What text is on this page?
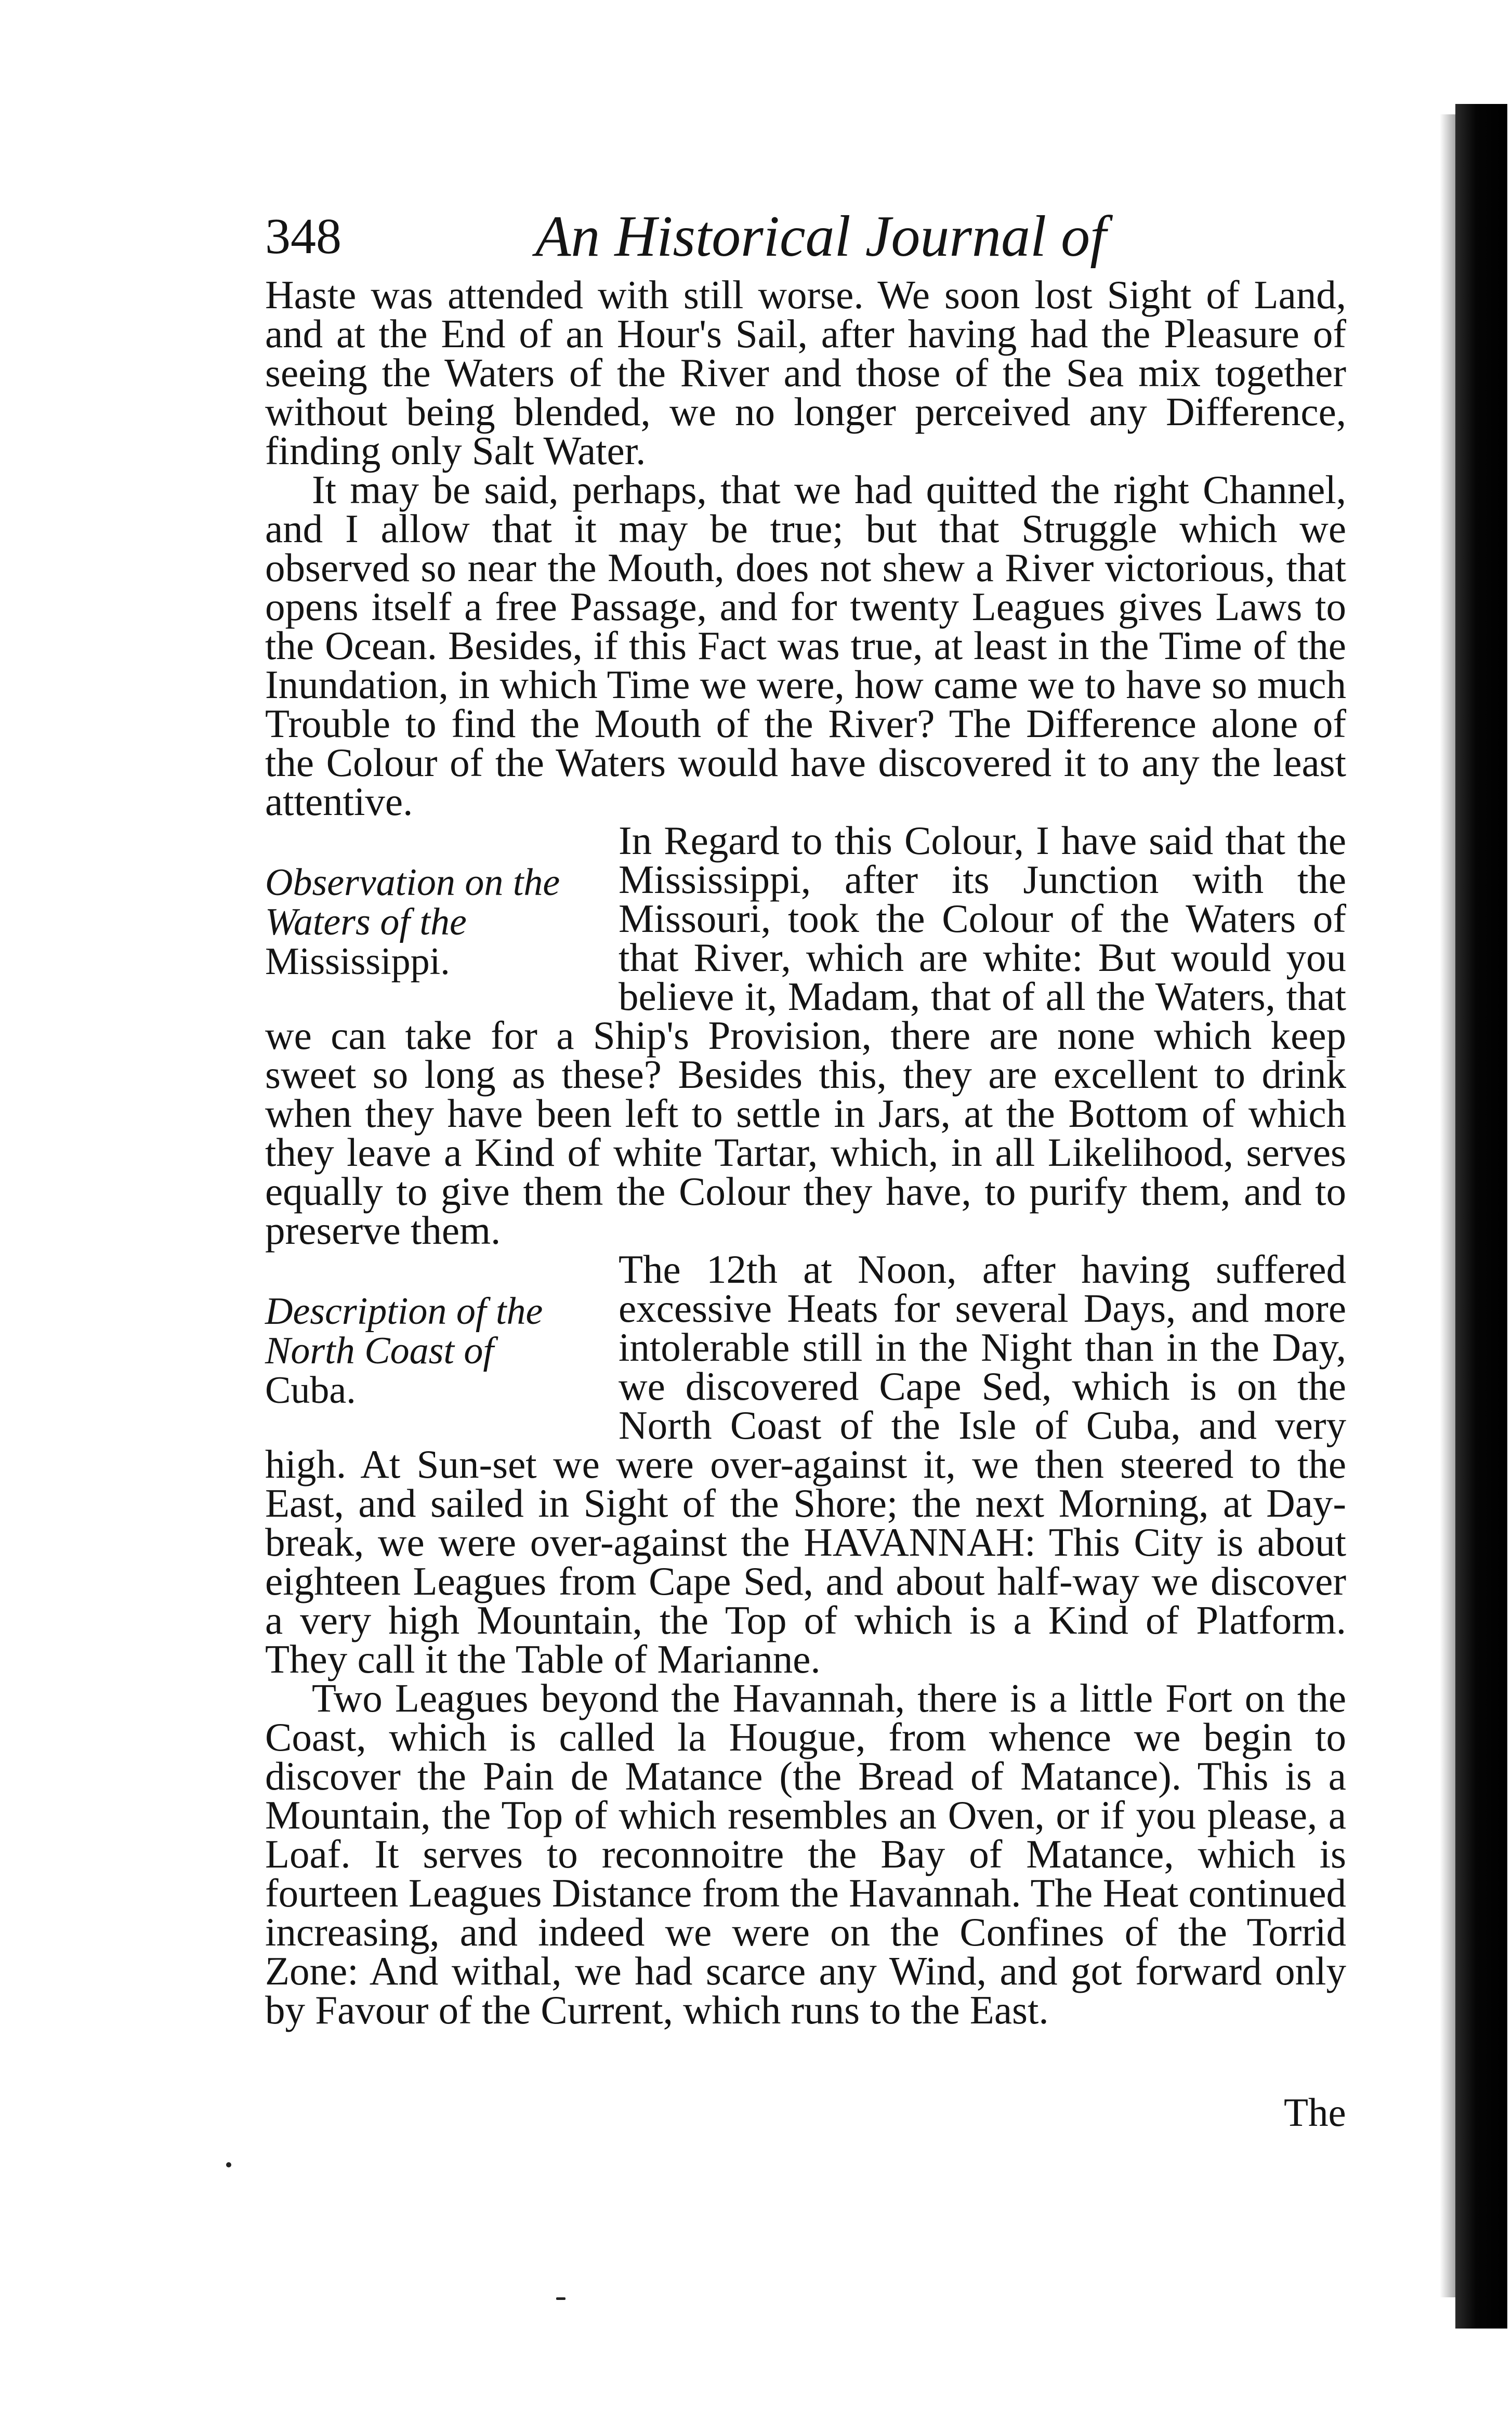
348	An Historical Journal of

Haste was attended with still worse. We soon lost Sight of Land, and at the End of an Hour's Sail, after having had the Pleasure of seeing the Waters of the River and those of the Sea mix together without being blended, we no longer perceived any Difference, finding only Salt Water.

It may be said, perhaps, that we had quitted the right Channel, and I allow that it may be true; but that Struggle which we observed so near the Mouth, does not shew a River victorious, that opens itself a free Passage, and for twenty Leagues gives Laws to the Ocean. Besides, if this Fact was true, at least in the Time of the Inundation, in which Time we were, how came we to have so much Trouble to find the Mouth of the River? The Difference alone of the Colour of the Waters would have discovered it to any the least attentive.

Observation on the Waters of the Mississippi.
In Regard to this Colour, I have said that the Mississippi, after its Junction with the Missouri, took the Colour of the Waters of that River, which are white: But would you believe it, Madam, that of all the Waters, that we can take for a Ship's Provision, there are none which keep sweet so long as these? Besides this, they are excellent to drink when they have been left to settle in Jars, at the Bottom of which they leave a Kind of white Tartar, which, in all Likelihood, serves equally to give them the Colour they have, to purify them, and to preserve them.

Description of the North Coast of Cuba.
The 12th at Noon, after having suffered excessive Heats for several Days, and more intolerable still in the Night than in the Day, we discovered Cape Sed, which is on the North Coast of the Isle of Cuba, and very high. At Sun-set we were over-against it, we then steered to the East, and sailed in Sight of the Shore; the next Morning, at Day-break, we were over-against the HAVANNAH: This City is about eighteen Leagues from Cape Sed, and about half-way we discover a very high Mountain, the Top of which is a Kind of Platform. They call it the Table of Marianne.

Two Leagues beyond the Havannah, there is a little Fort on the Coast, which is called la Hougue, from whence we begin to discover the Pain de Matance (the Bread of Matance). This is a Mountain, the Top of which resembles an Oven, or if you please, a Loaf. It serves to reconnoitre the Bay of Matance, which is fourteen Leagues Distance from the Havannah. The Heat continued increasing, and indeed we were on the Confines of the Torrid Zone: And withal, we had scarce any Wind, and got forward only by Favour of the Current, which runs to the East.

The
